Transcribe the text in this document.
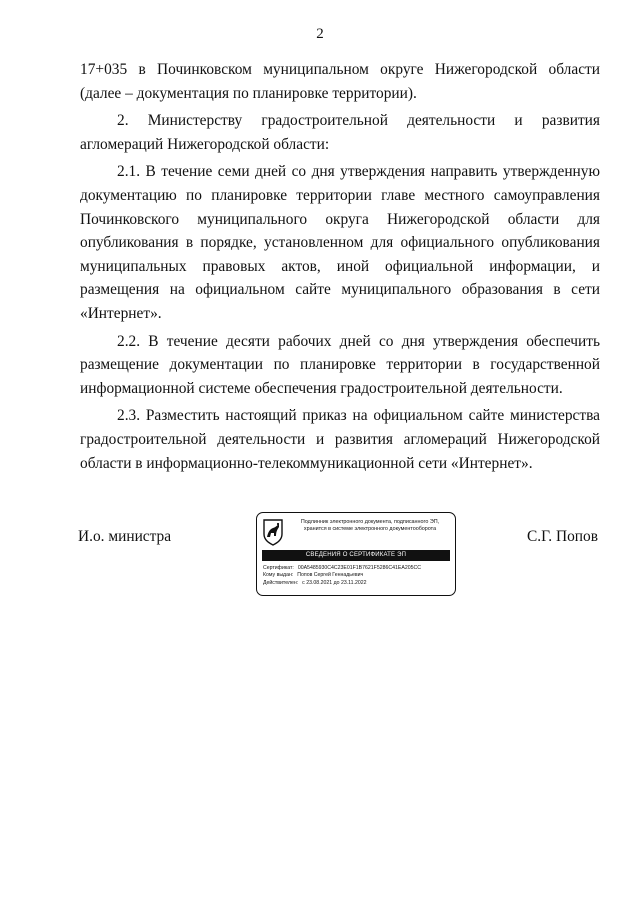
2

17+035 в Починковском муниципальном округе Нижегородской области (далее – документация по планировке территории).

2. Министерству градостроительной деятельности и развития агломераций Нижегородской области:

2.1. В течение семи дней со дня утверждения направить утвержденную документацию по планировке территории главе местного самоуправления Починковского муниципального округа Нижегородской области для опубликования в порядке, установленном для официального опубликования муниципальных правовых актов, иной официальной информации, и размещения на официальном сайте муниципального образования в сети «Интернет».

2.2. В течение десяти рабочих дней со дня утверждения обеспечить размещение документации по планировке территории в государственной информационной системе обеспечения градостроительной деятельности.

2.3. Разместить настоящий приказ на официальном сайте министерства градостроительной деятельности и развития агломераций Нижегородской области в информационно-телекоммуникационной сети «Интернет».

И.о. министра
Подлинник электронного документа, подписанного ЭП,
хранится в системе электронного документооборота
СВЕДЕНИЯ О СЕРТИФИКАТЕ ЭП
Сертификат: 00A5485930C4C23E01F1B7621F5286C41EA205CC
Кому выдан: Попов Сергей Геннадьевич
Действителен: с 23.08.2021 до 23.11.2022
С.Г. Попов
